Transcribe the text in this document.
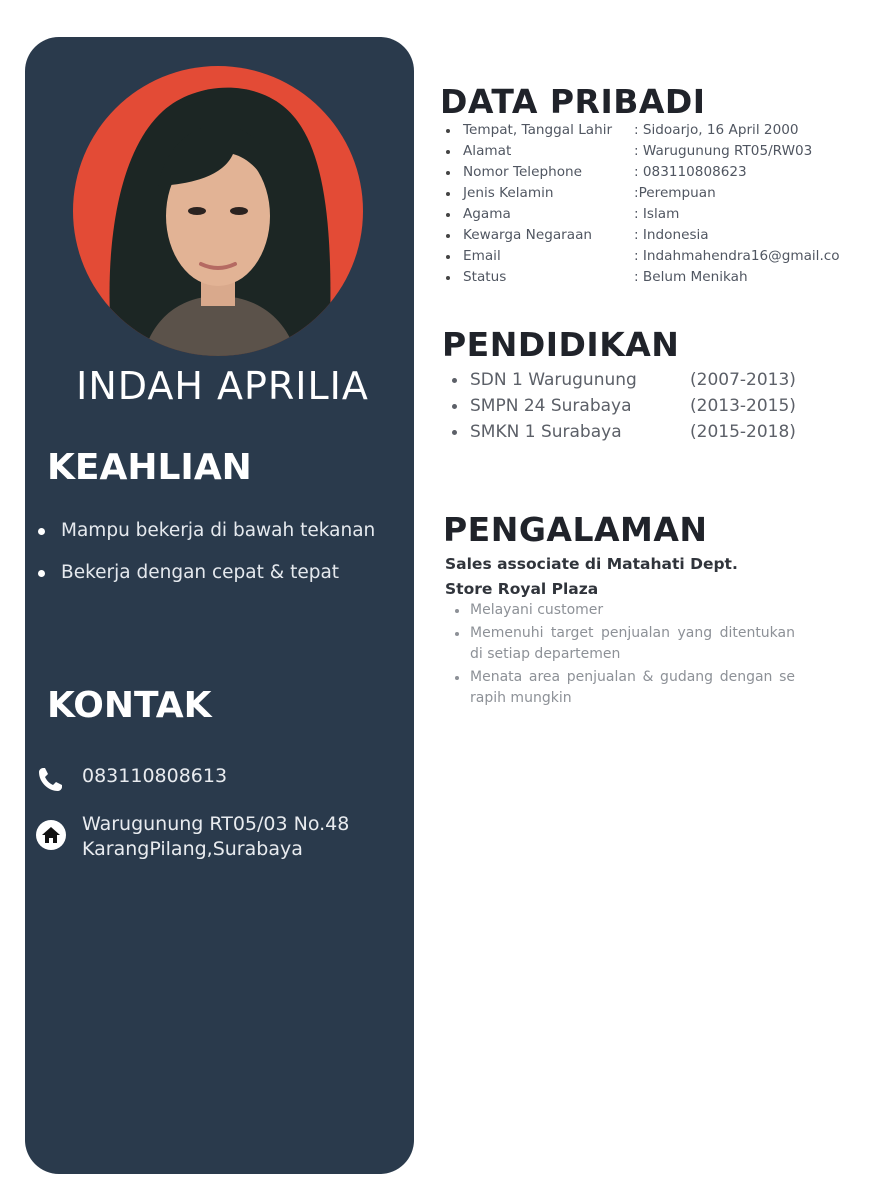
INDAH APRILIA
KEAHLIAN
Mampu bekerja di bawah tekanan
Bekerja dengan cepat & tepat
KONTAK
083110808613
Warugunung RT05/03 No.48
KarangPilang,Surabaya
DATA PRIBADI
Tempat, Tanggal Lahir : Sidoarjo, 16 April 2000
Alamat	: Warugunung RT05/RW03
Nomor Telephone	: 083110808623
Jenis Kelamin	:Perempuan
Agama	: Islam
Kewarga Negaraan	: Indonesia
Email	: Indahmahendra16@gmail.co
Status	: Belum Menikah
PENDIDIKAN
SDN 1 Warugunung	(2007-2013)
SMPN 24 Surabaya	(2013-2015)
SMKN 1 Surabaya	(2015-2018)
PENGALAMAN
Sales associate di Matahati Dept.
Store Royal Plaza
Melayani customer
Memenuhi target penjualan yang ditentukan di setiap departemen
Menata area penjualan & gudang dengan se rapih mungkin
